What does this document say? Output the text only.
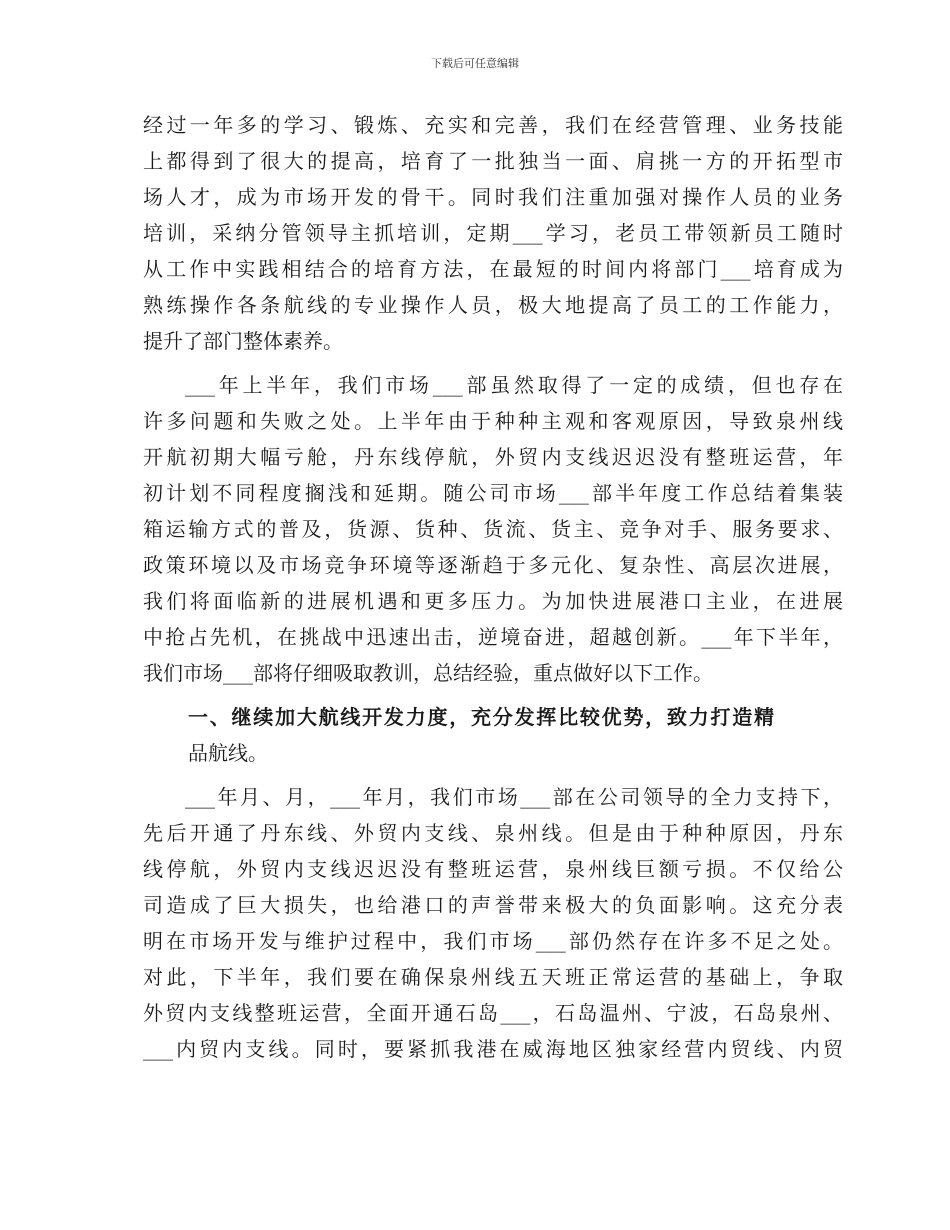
下载后可任意编辑
经过一年多的学习、锻炼、充实和完善，我们在经营管理、业务技能
上都得到了很大的提高，培育了一批独当一面、肩挑一方的开拓型市
场人才，成为市场开发的骨干。同时我们注重加强对操作人员的业务
培训，采纳分管领导主抓培训，定期___学习，老员工带领新员工随时
从工作中实践相结合的培育方法，在最短的时间内将部门___培育成为
熟练操作各条航线的专业操作人员，极大地提高了员工的工作能力，
提升了部门整体素养。
___年上半年，我们市场___部虽然取得了一定的成绩，但也存在
许多问题和失败之处。上半年由于种种主观和客观原因，导致泉州线
开航初期大幅亏舱，丹东线停航，外贸内支线迟迟没有整班运营，年
初计划不同程度搁浅和延期。随公司市场___部半年度工作总结着集装
箱运输方式的普及，货源、货种、货流、货主、竞争对手、服务要求、
政策环境以及市场竞争环境等逐渐趋于多元化、复杂性、高层次进展，
我们将面临新的进展机遇和更多压力。为加快进展港口主业，在进展
中抢占先机，在挑战中迅速出击，逆境奋进，超越创新。___年下半年，
我们市场___部将仔细吸取教训，总结经验，重点做好以下工作。
一、继续加大航线开发力度，充分发挥比较优势，致力打造精
品航线。
___年月、月，___年月，我们市场___部在公司领导的全力支持下，
先后开通了丹东线、外贸内支线、泉州线。但是由于种种原因，丹东
线停航，外贸内支线迟迟没有整班运营，泉州线巨额亏损。不仅给公
司造成了巨大损失，也给港口的声誉带来极大的负面影响。这充分表
明在市场开发与维护过程中，我们市场___部仍然存在许多不足之处。
对此，下半年，我们要在确保泉州线五天班正常运营的基础上，争取
外贸内支线整班运营，全面开通石岛___，石岛温州、宁波，石岛泉州、
___内贸内支线。同时，要紧抓我港在威海地区独家经营内贸线、内贸
